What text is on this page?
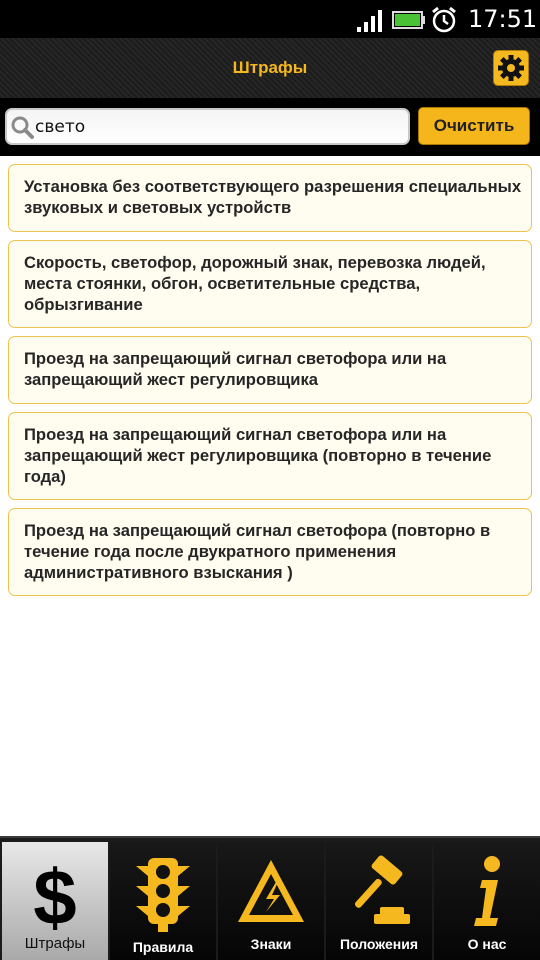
17:51
Штрафы
свето
Очистить
Установка без соответствующего разрешения специальных звуковых и световых устройств
Скорость, светофор, дорожный знак, перевозка людей, места стоянки, обгон, осветительные средства, обрызгивание
Проезд на запрещающий сигнал светофора или на запрещающий жест регулировщика
Проезд на запрещающий сигнал светофора или на запрещающий жест регулировщика (повторно в течение года)
Проезд на запрещающий сигнал светофора (повторно в течение года после двукратного применения административного взыскания )
$
Штрафы	Правила	Знаки	Положения	О нас
